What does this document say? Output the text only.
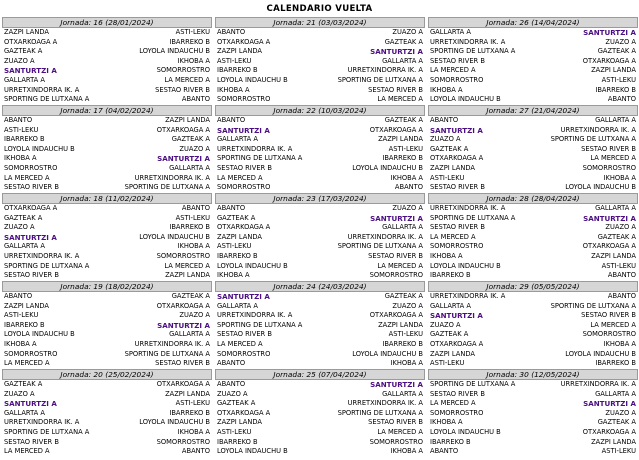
CALENDARIO VUELTA
Jornada: 16 (28/01/2024)
ZAZPI LANDA	ASTI-LEKU
OTXARKOAGA A	IBARREKO B
GAZTEAK A	LOYOLA INDAUCHU B
ZUAZO A	IKHOBA A
SANTURTZI A	SOMORROSTRO
GALLARTA A	LA MERCED A
URRETXINDORRA IK. A	SESTAO RIVER B
SPORTING DE LUTXANA A	ABANTO
Jornada: 17 (04/02/2024)
ABANTO	ZAZPI LANDA
ASTI-LEKU	OTXARKOAGA A
IBARREKO B	GAZTEAK A
LOYOLA INDAUCHU B	ZUAZO A
IKHOBA A	SANTURTZI A
SOMORROSTRO	GALLARTA A
LA MERCED A	URRETXINDORRA IK. A
SESTAO RIVER B	SPORTING DE LUTXANA A
Jornada: 18 (11/02/2024)
OTXARKOAGA A	ABANTO
GAZTEAK A	ASTI-LEKU
ZUAZO A	IBARREKO B
SANTURTZI A	LOYOLA INDAUCHU B
GALLARTA A	IKHOBA A
URRETXINDORRA IK. A	SOMORROSTRO
SPORTING DE LUTXANA A	LA MERCED A
SESTAO RIVER B	ZAZPI LANDA
Jornada: 19 (18/02/2024)
ABANTO	GAZTEAK A
ZAZPI LANDA	OTXARKOAGA A
ASTI-LEKU	ZUAZO A
IBARREKO B	SANTURTZI A
LOYOLA INDAUCHU B	GALLARTA A
IKHOBA A	URRETXINDORRA IK. A
SOMORROSTRO	SPORTING DE LUTXANA A
LA MERCED A	SESTAO RIVER B
Jornada: 20 (25/02/2024)
GAZTEAK A	OTXARKOAGA A
ZUAZO A	ZAZPI LANDA
SANTURTZI A	ASTI-LEKU
GALLARTA A	IBARREKO B
URRETXINDORRA IK. A	LOYOLA INDAUCHU B
SPORTING DE LUTXANA A	IKHOBA A
SESTAO RIVER B	SOMORROSTRO
LA MERCED A	ABANTO
Jornada: 21 (03/03/2024)
ABANTO	ZUAZO A
OTXARKOAGA A	GAZTEAK A
ZAZPI LANDA	SANTURTZI A
ASTI-LEKU	GALLARTA A
IBARREKO B	URRETXINDORRA IK. A
LOYOLA INDAUCHU B	SPORTING DE LUTXANA A
IKHOBA A	SESTAO RIVER B
SOMORROSTRO	LA MERCED A
Jornada: 22 (10/03/2024)
ABANTO	GAZTEAK A
SANTURTZI A	OTXARKOAGA A
GALLARTA A	ZAZPI LANDA
URRETXINDORRA IK. A	ASTI-LEKU
SPORTING DE LUTXANA A	IBARREKO B
SESTAO RIVER B	LOYOLA INDAUCHU B
LA MERCED A	IKHOBA A
SOMORROSTRO	ABANTO
Jornada: 23 (17/03/2024)
ABANTO	ZUAZO A
GAZTEAK A	SANTURTZI A
OTXARKOAGA A	GALLARTA A
ZAZPI LANDA	URRETXINDORRA IK. A
ASTI-LEKU	SPORTING DE LUTXANA A
IBARREKO B	SESTAO RIVER B
LOYOLA INDAUCHU B	LA MERCED A
IKHOBA A	SOMORROSTRO
Jornada: 24 (24/03/2024)
SANTURTZI A	GAZTEAK A
GALLARTA A	ZUAZO A
URRETXINDORRA IK. A	OTXARKOAGA A
SPORTING DE LUTXANA A	ZAZPI LANDA
SESTAO RIVER B	ASTI-LEKU
LA MERCED A	IBARREKO B
SOMORROSTRO	LOYOLA INDAUCHU B
ABANTO	IKHOBA A
Jornada: 25 (07/04/2024)
ABANTO	SANTURTZI A
ZUAZO A	GALLARTA A
GAZTEAK A	URRETXINDORRA IK. A
OTXARKOAGA A	SPORTING DE LUTXANA A
ZAZPI LANDA	SESTAO RIVER B
ASTI-LEKU	LA MERCED A
IBARREKO B	SOMORROSTRO
LOYOLA INDAUCHU B	IKHOBA A
Jornada: 26 (14/04/2024)
GALLARTA A	SANTURTZI A
URRETXINDORRA IK. A	ZUAZO A
SPORTING DE LUTXANA A	GAZTEAK A
SESTAO RIVER B	OTXARKOAGA A
LA MERCED A	ZAZPI LANDA
SOMORROSTRO	ASTI-LEKU
IKHOBA A	IBARREKO B
LOYOLA INDAUCHU B	ABANTO
Jornada: 27 (21/04/2024)
ABANTO	GALLARTA A
SANTURTZI A	URRETXINDORRA IK. A
ZUAZO A	SPORTING DE LUTXANA A
GAZTEAK A	SESTAO RIVER B
OTXARKOAGA A	LA MERCED A
ZAZPI LANDA	SOMORROSTRO
ASTI-LEKU	IKHOBA A
SESTAO RIVER B	LOYOLA INDAUCHU B
Jornada: 28 (28/04/2024)
URRETXINDORRA IK. A	GALLARTA A
SPORTING DE LUTXANA A	SANTURTZI A
SESTAO RIVER B	ZUAZO A
LA MERCED A	GAZTEAK A
SOMORROSTRO	OTXARKOAGA A
IKHOBA A	ZAZPI LANDA
LOYOLA INDAUCHU B	ASTI-LEKU
IBARREKO B	ABANTO
Jornada: 29 (05/05/2024)
URRETXINDORRA IK. A	ABANTO
GALLARTA A	SPORTING DE LUTXANA A
SANTURTZI A	SESTAO RIVER B
ZUAZO A	LA MERCED A
GAZTEAK A	SOMORROSTRO
OTXARKOAGA A	IKHOBA A
ZAZPI LANDA	LOYOLA INDAUCHU B
ASTI-LEKU	IBARREKO B
Jornada: 30 (12/05/2024)
SPORTING DE LUTXANA A	URRETXINDORRA IK. A
SESTAO RIVER B	GALLARTA A
LA MERCED A	SANTURTZI A
SOMORROSTRO	ZUAZO A
IKHOBA A	GAZTEAK A
LOYOLA INDAUCHU B	OTXARKOAGA A
IBARREKO B	ZAZPI LANDA
ABANTO	ASTI-LEKU
